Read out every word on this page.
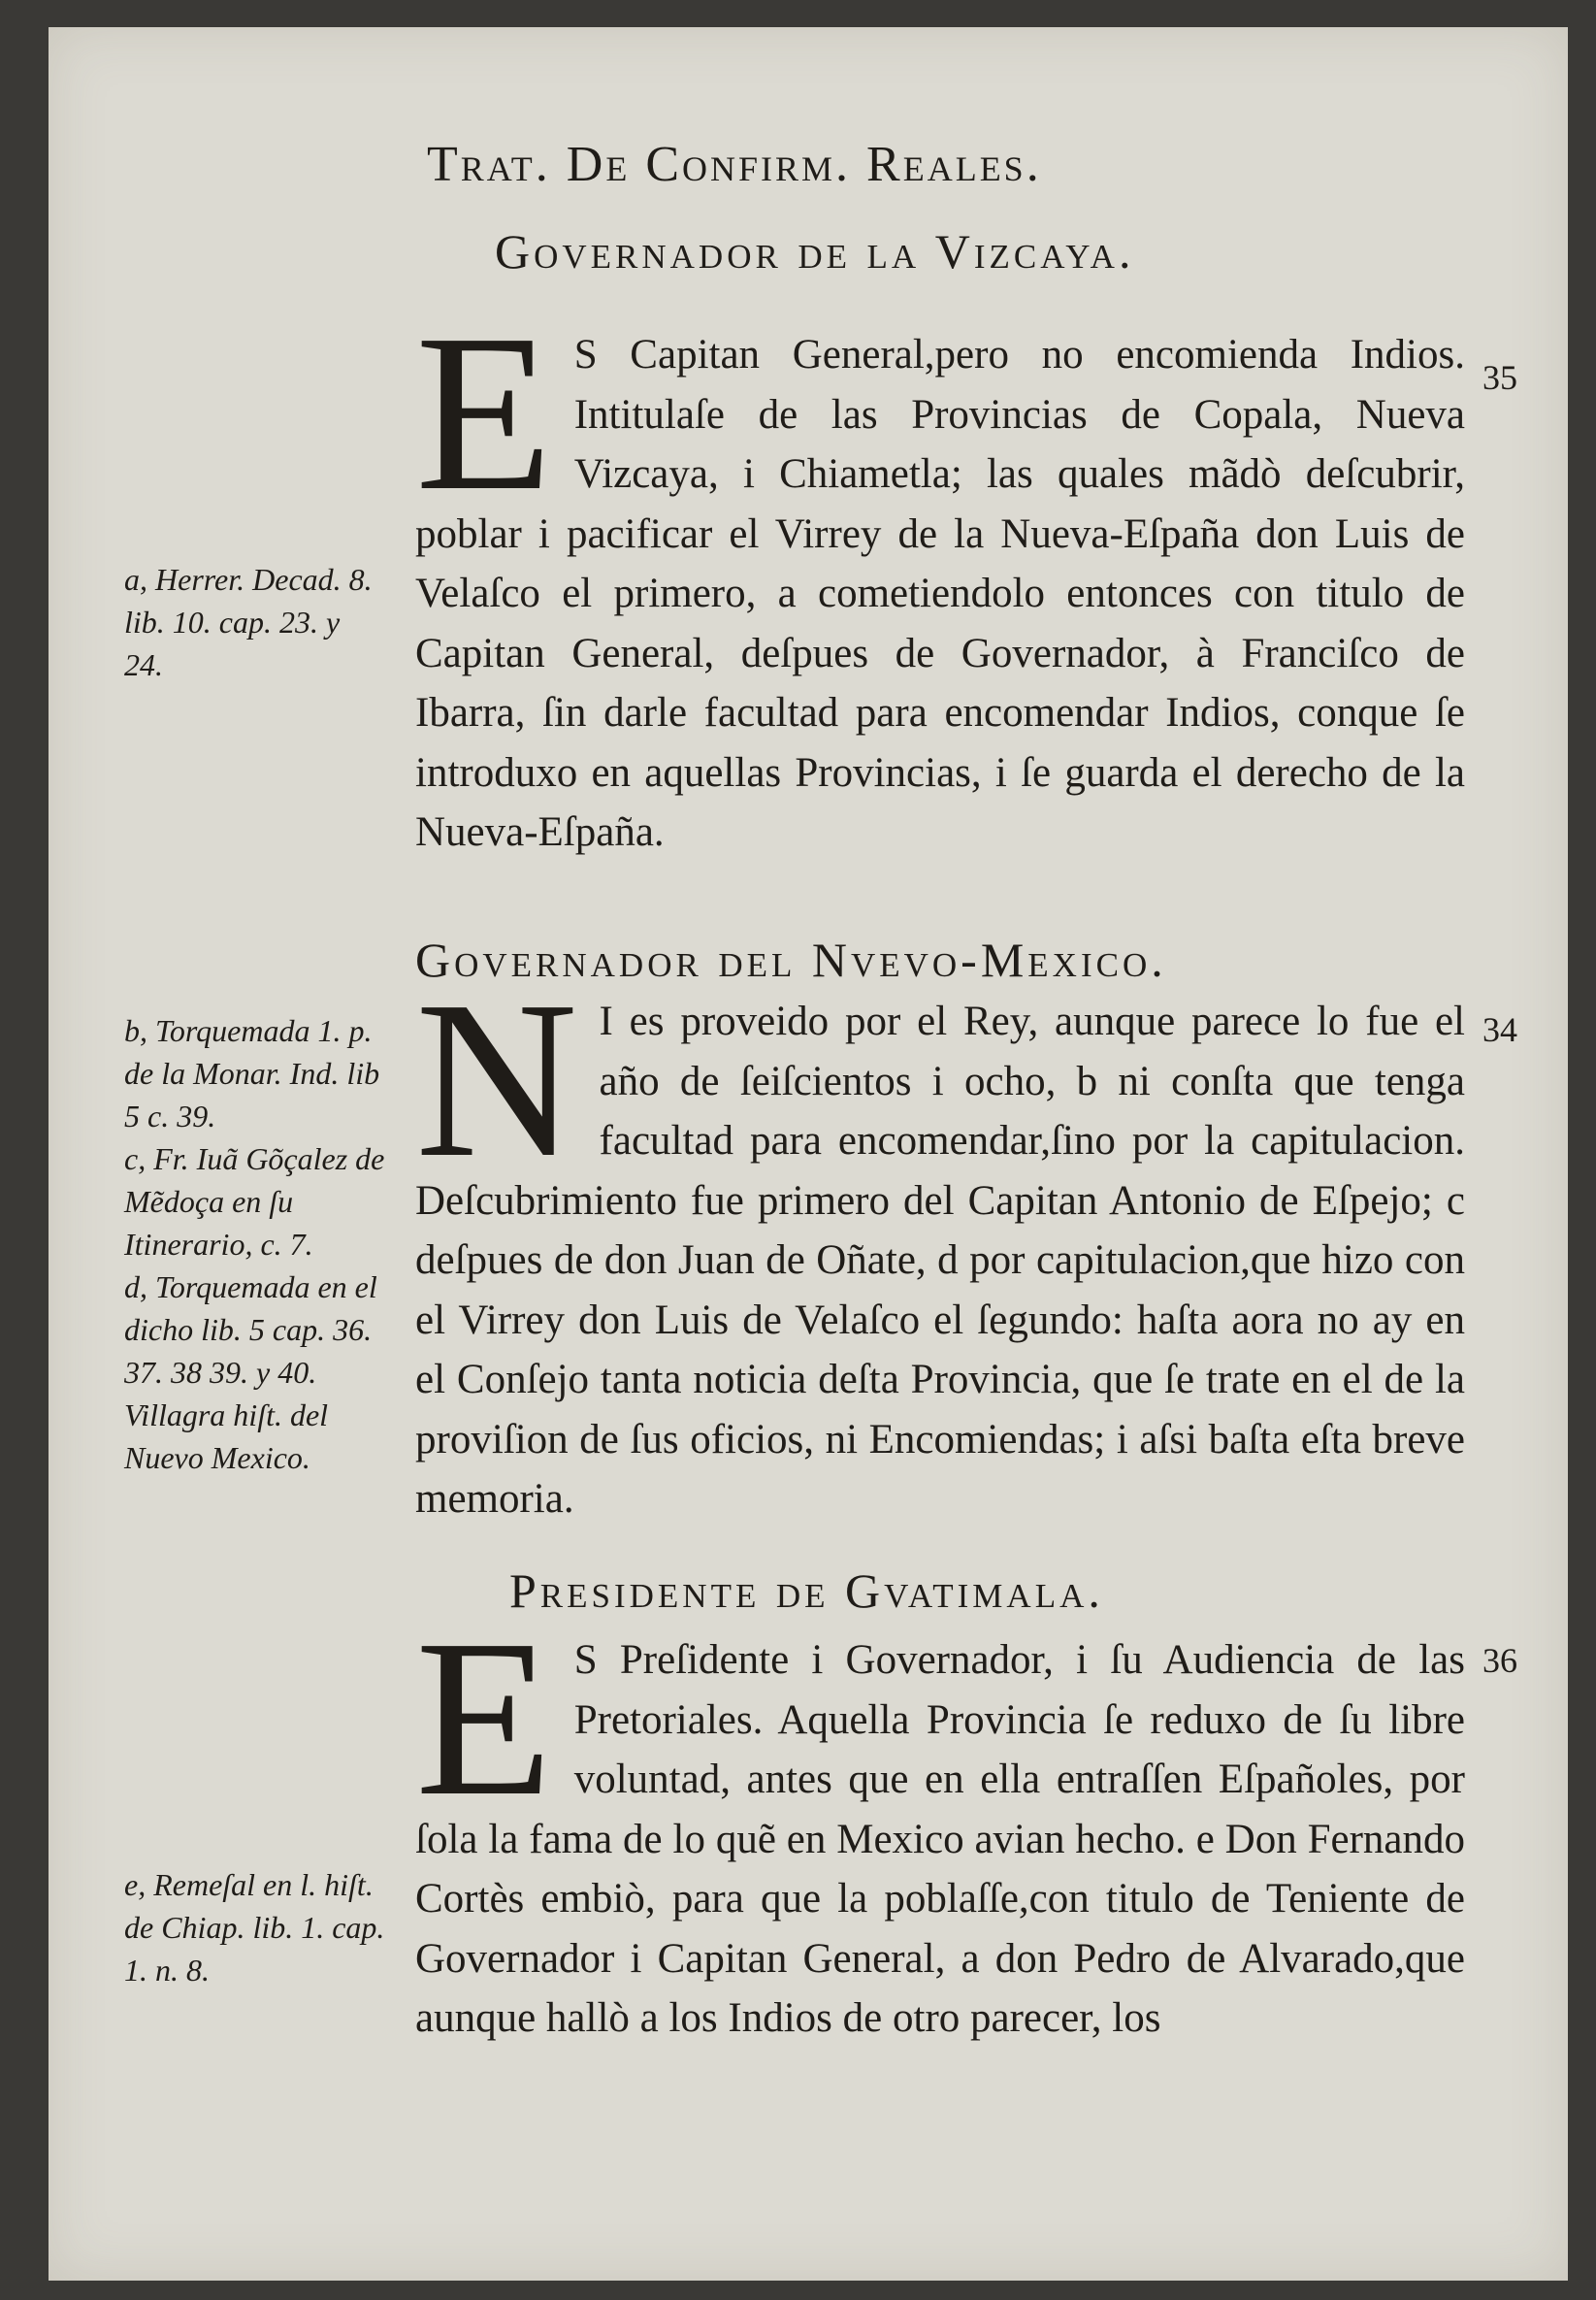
Trat. De Confirm. Reales.
Governador de la Vizcaya.
E S Capitan General,pero no encomienda Indios. Intitulaſe de las Provincias de Copala, Nueva Vizcaya, i Chiametla; las quales mãdò deſcubrir, poblar i pacificar el Virrey de la Nueva-Eſpaña don Luis de Velaſco el primero, a cometiendolo entonces con titulo de Capitan General, deſpues de Governador, à Franciſco de Ibarra, ſin darle facultad para encomendar Indios, conque ſe introduxo en aquellas Provincias, i ſe guarda el derecho de la Nueva-Eſpaña.
35
Governador del Nvevo-Mexico.
N I es proveido por el Rey, aunque parece lo fue el año de ſeiſcientos i ocho, b ni conſta que tenga facultad para encomendar,ſino por la capitulacion. Deſcubrimiento fue primero del Capitan Antonio de Eſpejo; c deſpues de don Juan de Oñate, d por capitulacion,que hizo con el Virrey don Luis de Velaſco el ſegundo: haſta aora no ay en el Conſejo tanta noticia deſta Provincia, que ſe trate en el de la proviſion de ſus oficios, ni Encomiendas; i aſsi baſta eſta breve memoria.
34
Presidente de Gvatimala.
E S Preſidente i Governador, i ſu Audiencia de las Pretoriales. Aquella Provincia ſe reduxo de ſu libre voluntad, antes que en ella entraſſen Eſpañoles, por ſola la fama de lo quẽ en Mexico avian hecho. e Don Fernando Cortès embiò, para que la poblaſſe,con titulo de Teniente de Governador i Capitan General, a don Pedro de Alvarado,que aunque hallò a los Indios de otro parecer, los
36

a, Herrer. Decad. 8. lib. 10. cap. 23. y 24.

b, Torquemada 1. p. de la Monar. Ind. lib 5 c. 39.

c, Fr. Iuã Gõçalez de Mẽdoça en ſu Itinerario, c. 7.

d, Torquemada en el dicho lib. 5 cap. 36. 37. 38 39. y 40. Villagra hiſt. del Nuevo Mexico.

e, Remeſal en l. hiſt. de Chiap. lib. 1. cap. 1. n. 8.
